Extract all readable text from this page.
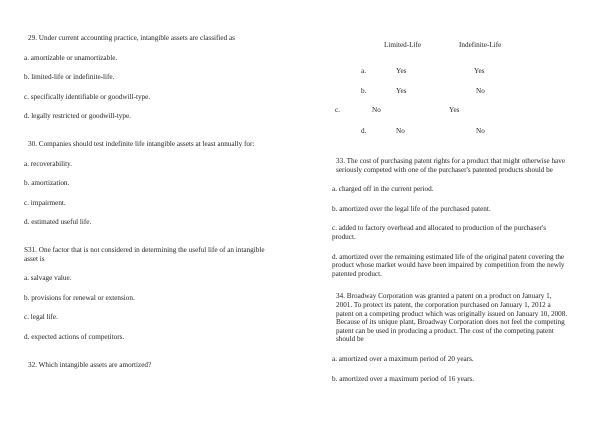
29. Under current accounting practice, intangible assets are classified as
a. amortizable or unamortizable.
b. limited-life or indefinite-life.
c. specifically identifiable or goodwill-type.
d. legally restricted or goodwill-type.
30. Companies should test indefinite life intangible assets at least annually for:
a. recoverability.
b. amortization.
c. impairment.
d. estimated useful life.
S31. One factor that is not considered in determining the useful life of an intangible asset is
a. salvage value.
b. provisions for renewal or extension.
c. legal life.
d. expected actions of competitors.
32. Which intangible assets are amortized?
Limited-Life	Indefinite-Life
a.	Yes	Yes
b.	Yes	No
c.	No	Yes
d.	No	No
33. The cost of purchasing patent rights for a product that might otherwise have seriously competed with one of the purchaser's patented products should be
a. charged off in the current period.
b. amortized over the legal life of the purchased patent.
c. added to factory overhead and allocated to production of the purchaser's product.
d. amortized over the remaining estimated life of the original patent covering the product whose market would have been impaired by competition from the newly patented product.
34. Broadway Corporation was granted a patent on a product on January 1, 2001. To protect its patent, the corporation purchased on January 1, 2012 a patent on a competing product which was originally issued on January 10, 2008. Because of its unique plant, Broadway Corporation does not feel the competing patent can be used in producing a product. The cost of the competing patent should be
a. amortized over a maximum period of 20 years.
b. amortized over a maximum period of 16 years.
